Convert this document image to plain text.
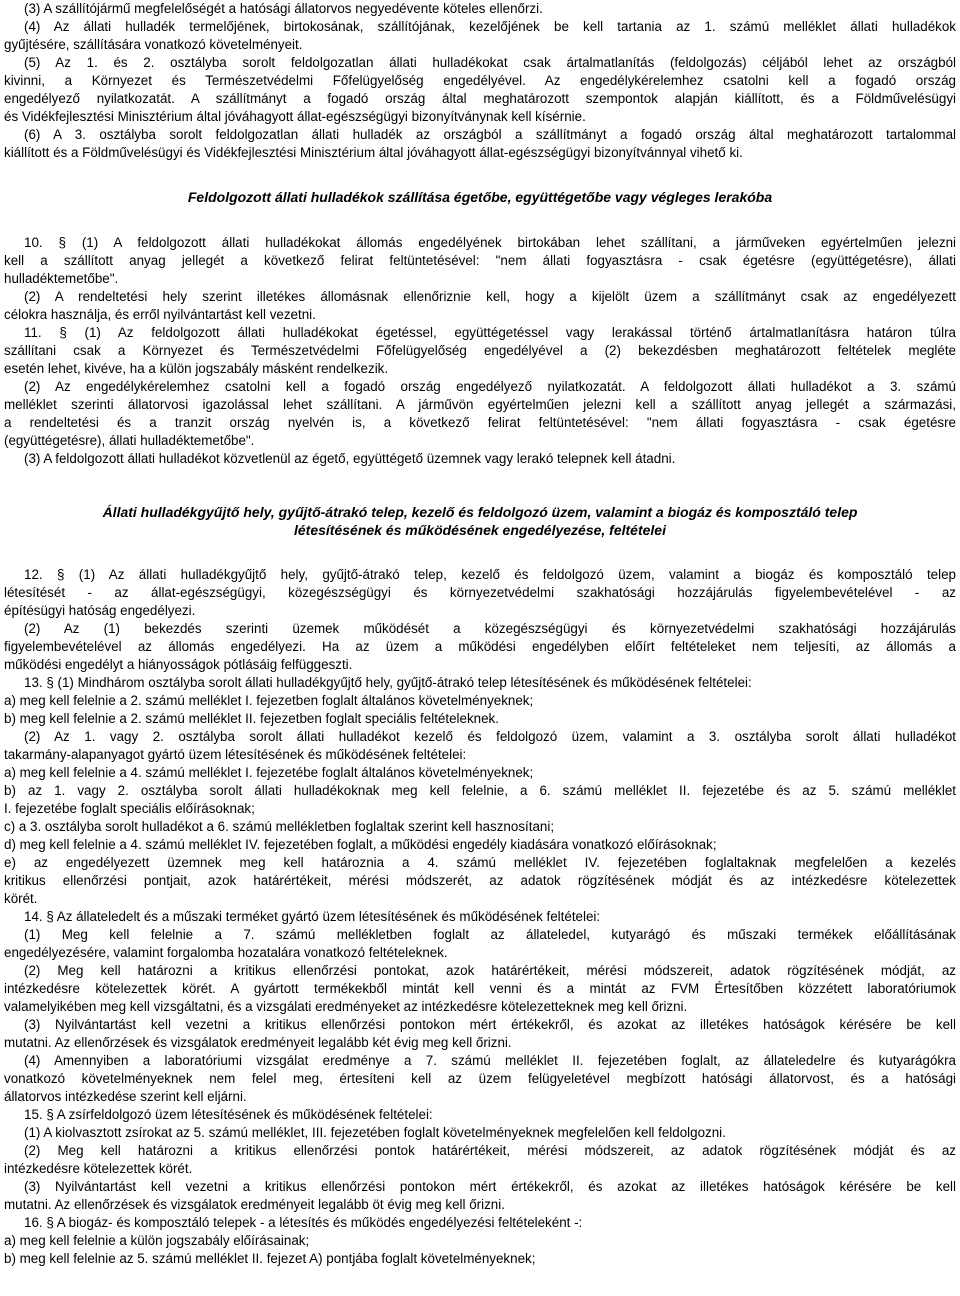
(3) A szállítójármű megfelelőségét a hatósági állatorvos negyedévente köteles ellenőrzi.
(4) Az állati hulladék termelőjének, birtokosának, szállítójának, kezelőjének be kell tartania az 1. számú melléklet állati hulladékok
gyűjtésére, szállítására vonatkozó követelményeit.
(5) Az 1. és 2. osztályba sorolt feldolgozatlan állati hulladékokat csak ártalmatlanítás (feldolgozás) céljából lehet az országból
kivinni, a Környezet és Természetvédelmi Főfelügyelőség engedélyével. Az engedélykérelemhez csatolni kell a fogadó ország
engedélyező nyilatkozatát. A szállítmányt a fogadó ország által meghatározott szempontok alapján kiállított, és a Földművelésügyi
és Vidékfejlesztési Minisztérium által jóváhagyott állat-egészségügyi bizonyítványnak kell kísérnie.
(6) A 3. osztályba sorolt feldolgozatlan állati hulladék az országból a szállítmányt a fogadó ország által meghatározott tartalommal
kiállított és a Földművelésügyi és Vidékfejlesztési Minisztérium által jóváhagyott állat-egészségügyi bizonyítvánnyal vihető ki.
Feldolgozott állati hulladékok szállítása égetőbe, együttégetőbe vagy végleges lerakóba
10. § (1) A feldolgozott állati hulladékokat állomás engedélyének birtokában lehet szállítani, a járműveken egyértelműen jelezni
kell a szállított anyag jellegét a következő felirat feltüntetésével: "nem állati fogyasztásra - csak égetésre (együttégetésre), állati
hulladéktemetőbe".
(2) A rendeltetési hely szerint illetékes állomásnak ellenőriznie kell, hogy a kijelölt üzem a szállítmányt csak az engedélyezett
célokra használja, és erről nyilvántartást kell vezetni.
11. § (1) Az feldolgozott állati hulladékokat égetéssel, együttégetéssel vagy lerakással történő ártalmatlanításra határon túlra
szállítani csak a Környezet és Természetvédelmi Főfelügyelőség engedélyével a (2) bekezdésben meghatározott feltételek megléte
esetén lehet, kivéve, ha a külön jogszabály másként rendelkezik.
(2) Az engedélykérelemhez csatolni kell a fogadó ország engedélyező nyilatkozatát. A feldolgozott állati hulladékot a 3. számú
melléklet szerinti állatorvosi igazolással lehet szállítani. A járművön egyértelműen jelezni kell a szállított anyag jellegét a származási,
a rendeltetési és a tranzit ország nyelvén is, a következő felirat feltüntetésével: "nem állati fogyasztásra - csak égetésre
(együttégetésre), állati hulladéktemetőbe".
(3) A feldolgozott állati hulladékot közvetlenül az égető, együttégető üzemnek vagy lerakó telepnek kell átadni.
Állati hulladékgyűjtő hely, gyűjtő-átrakó telep, kezelő és feldolgozó üzem, valamint a biogáz és komposztáló telep
létesítésének és működésének engedélyezése, feltételei
12. § (1) Az állati hulladékgyűjtő hely, gyűjtő-átrakó telep, kezelő és feldolgozó üzem, valamint a biogáz és komposztáló telep
létesítését - az állat-egészségügyi, közegészségügyi és környezetvédelmi szakhatósági hozzájárulás figyelembevételével - az
építésügyi hatóság engedélyezi.
(2) Az (1) bekezdés szerinti üzemek működését a közegészségügyi és környezetvédelmi szakhatósági hozzájárulás
figyelembevételével az állomás engedélyezi. Ha az üzem a működési engedélyben előírt feltételeket nem teljesíti, az állomás a
működési engedélyt a hiányosságok pótlásáig felfüggeszti.
13. § (1) Mindhárom osztályba sorolt állati hulladékgyűjtő hely, gyűjtő-átrakó telep létesítésének és működésének feltételei:
a) meg kell felelnie a 2. számú melléklet I. fejezetben foglalt általános követelményeknek;
b) meg kell felelnie a 2. számú melléklet II. fejezetben foglalt speciális feltételeknek.
(2) Az 1. vagy 2. osztályba sorolt állati hulladékot kezelő és feldolgozó üzem, valamint a 3. osztályba sorolt állati hulladékot
takarmány-alapanyagot gyártó üzem létesítésének és működésének feltételei:
a) meg kell felelnie a 4. számú melléklet I. fejezetébe foglalt általános követelményeknek;
b) az 1. vagy 2. osztályba sorolt állati hulladékoknak meg kell felelnie, a 6. számú melléklet II. fejezetébe és az 5. számú melléklet
I. fejezetébe foglalt speciális előírásoknak;
c) a 3. osztályba sorolt hulladékot a 6. számú mellékletben foglaltak szerint kell hasznosítani;
d) meg kell felelnie a 4. számú melléklet IV. fejezetében foglalt, a működési engedély kiadására vonatkozó előírásoknak;
e) az engedélyezett üzemnek meg kell határoznia a 4. számú melléklet IV. fejezetében foglaltaknak megfelelően a kezelés
kritikus ellenőrzési pontjait, azok határértékeit, mérési módszerét, az adatok rögzítésének módját és az intézkedésre kötelezettek
körét.
14. § Az állateledelt és a műszaki terméket gyártó üzem létesítésének és működésének feltételei:
(1) Meg kell felelnie a 7. számú mellékletben foglalt az állateledel, kutyarágó és műszaki termékek előállításának
engedélyezésére, valamint forgalomba hozatalára vonatkozó feltételeknek.
(2) Meg kell határozni a kritikus ellenőrzési pontokat, azok határértékeit, mérési módszereit, adatok rögzítésének módját, az
intézkedésre kötelezettek körét. A gyártott termékekből mintát kell venni és a mintát az FVM Értesítőben közzétett laboratóriumok
valamelyikében meg kell vizsgáltatni, és a vizsgálati eredményeket az intézkedésre kötelezetteknek meg kell őrizni.
(3) Nyilvántartást kell vezetni a kritikus ellenőrzési pontokon mért értékekről, és azokat az illetékes hatóságok kérésére be kell
mutatni. Az ellenőrzések és vizsgálatok eredményeit legalább két évig meg kell őrizni.
(4) Amennyiben a laboratóriumi vizsgálat eredménye a 7. számú melléklet II. fejezetében foglalt, az állateledelre és kutyarágókra
vonatkozó követelményeknek nem felel meg, értesíteni kell az üzem felügyeletével megbízott hatósági állatorvost, és a hatósági
állatorvos intézkedése szerint kell eljárni.
15. § A zsírfeldolgozó üzem létesítésének és működésének feltételei:
(1) A kiolvasztott zsírokat az 5. számú melléklet, III. fejezetében foglalt követelményeknek megfelelően kell feldolgozni.
(2) Meg kell határozni a kritikus ellenőrzési pontok határértékeit, mérési módszereit, az adatok rögzítésének módját és az
intézkedésre kötelezettek körét.
(3) Nyilvántartást kell vezetni a kritikus ellenőrzési pontokon mért értékekről, és azokat az illetékes hatóságok kérésére be kell
mutatni. Az ellenőrzések és vizsgálatok eredményeit legalább öt évig meg kell őrizni.
16. § A biogáz- és komposztáló telepek - a létesítés és működés engedélyezési feltételeként -:
a) meg kell felelnie a külön jogszabály előírásainak;
b) meg kell felelnie az 5. számú melléklet II. fejezet A) pontjába foglalt követelményeknek;
